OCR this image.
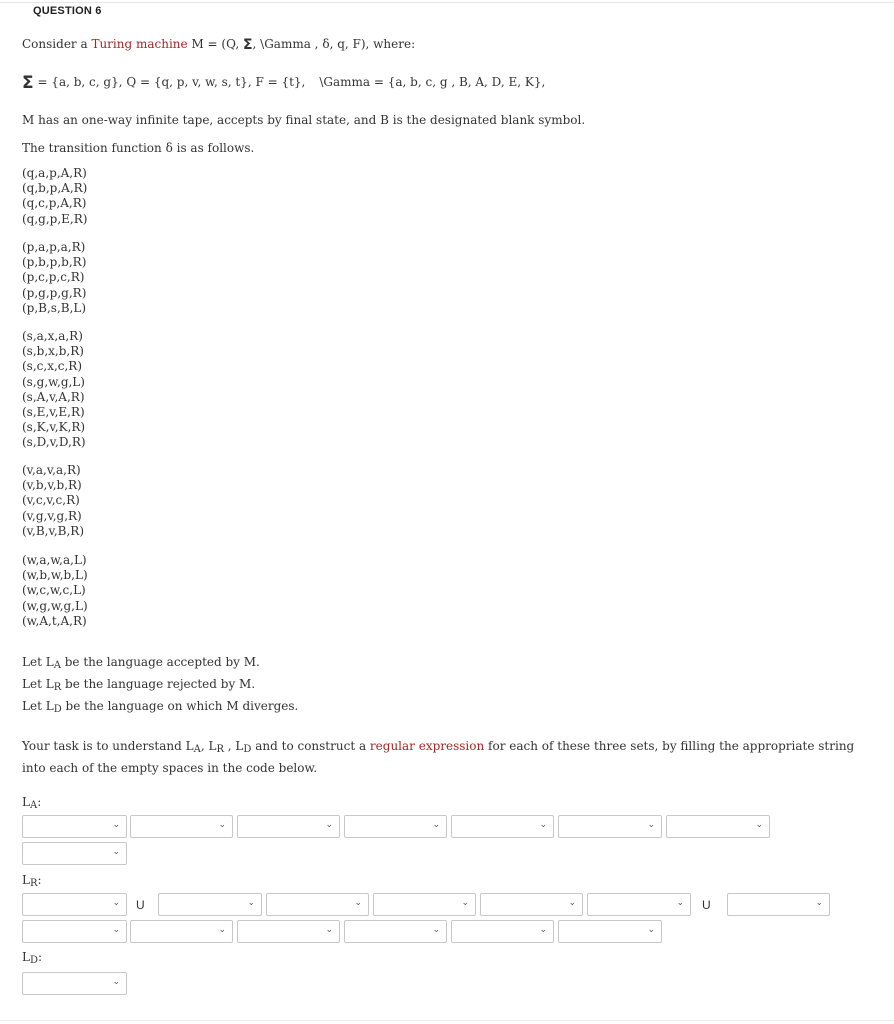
QUESTION 6
Consider a Turing machine M = (Q, Σ, \Gamma , δ, q, F), where:
Σ = {a, b, c, g}, Q = {q, p, v, w, s, t}, F = {t}, \Gamma = {a, b, c, g , B, A, D, E, K},
M has an one-way infinite tape, accepts by final state, and B is the designated blank symbol.
The transition function δ is as follows.
(q,a,p,A,R)
(q,b,p,A,R)
(q,c,p,A,R)
(q,g,p,E,R)
(p,a,p,a,R)
(p,b,p,b,R)
(p,c,p,c,R)
(p,g,p,g,R)
(p,B,s,B,L)
(s,a,x,a,R)
(s,b,x,b,R)
(s,c,x,c,R)
(s,g,w,g,L)
(s,A,v,A,R)
(s,E,v,E,R)
(s,K,v,K,R)
(s,D,v,D,R)
(v,a,v,a,R)
(v,b,v,b,R)
(v,c,v,c,R)
(v,g,v,g,R)
(v,B,v,B,R)
(w,a,w,a,L)
(w,b,w,b,L)
(w,c,w,c,L)
(w,g,w,g,L)
(w,A,t,A,R)
Let $L_A$ be the language accepted by M.
Let $L_R$ be the language rejected by M.
Let $L_D$ be the language on which M diverges.
Your task is to understand $L_A$, $L_R$ , $L_D$ and to construct a regular expression for each of these three sets, by filling the appropriate string into each of the empty spaces in the code below.
$L_A$:
⌄	⌄	⌄	⌄	⌄	⌄	⌄
⌄
$L_R$:
⌄ U	⌄	⌄	⌄	⌄	⌄ U	⌄
⌄	⌄	⌄	⌄	⌄	⌄
$L_D$:
⌄
